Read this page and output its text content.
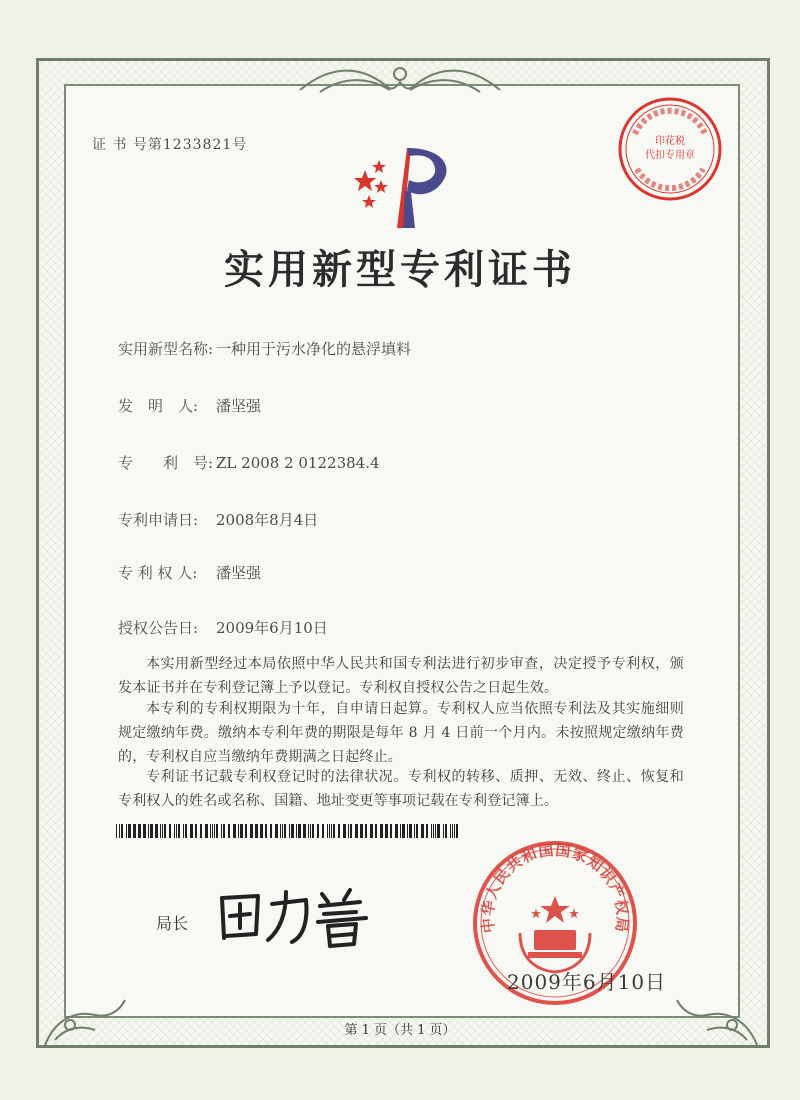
证 书 号第1233821号	印花税
代扣专用章
实用新型专利证书
实用新型名称: 一种用于污水净化的悬浮填料
发　明　人: 潘坚强
专　　利　号: ZL 2008 2 0122384.4
专利申请日: 2008年8月4日
专 利 权 人: 潘坚强
授权公告日: 2009年6月10日
本实用新型经过本局依照中华人民共和国专利法进行初步审查，决定授予专利权，颁发本证书并在专利登记簿上予以登记。专利权自授权公告之日起生效。
本专利的专利权期限为十年，自申请日起算。专利权人应当依照专利法及其实施细则规定缴纳年费。缴纳本专利年费的期限是每年 8 月 4 日前一个月内。未按照规定缴纳年费的，专利权自应当缴纳年费期满之日起终止。
专利证书记载专利权登记时的法律状况。专利权的转移、质押、无效、终止、恢复和专利权人的姓名或名称、国籍、地址变更等事项记载在专利登记簿上。
局长	中华人民共和国国家知识产权局
2009年6月10日
第 1 页（共 1 页）
